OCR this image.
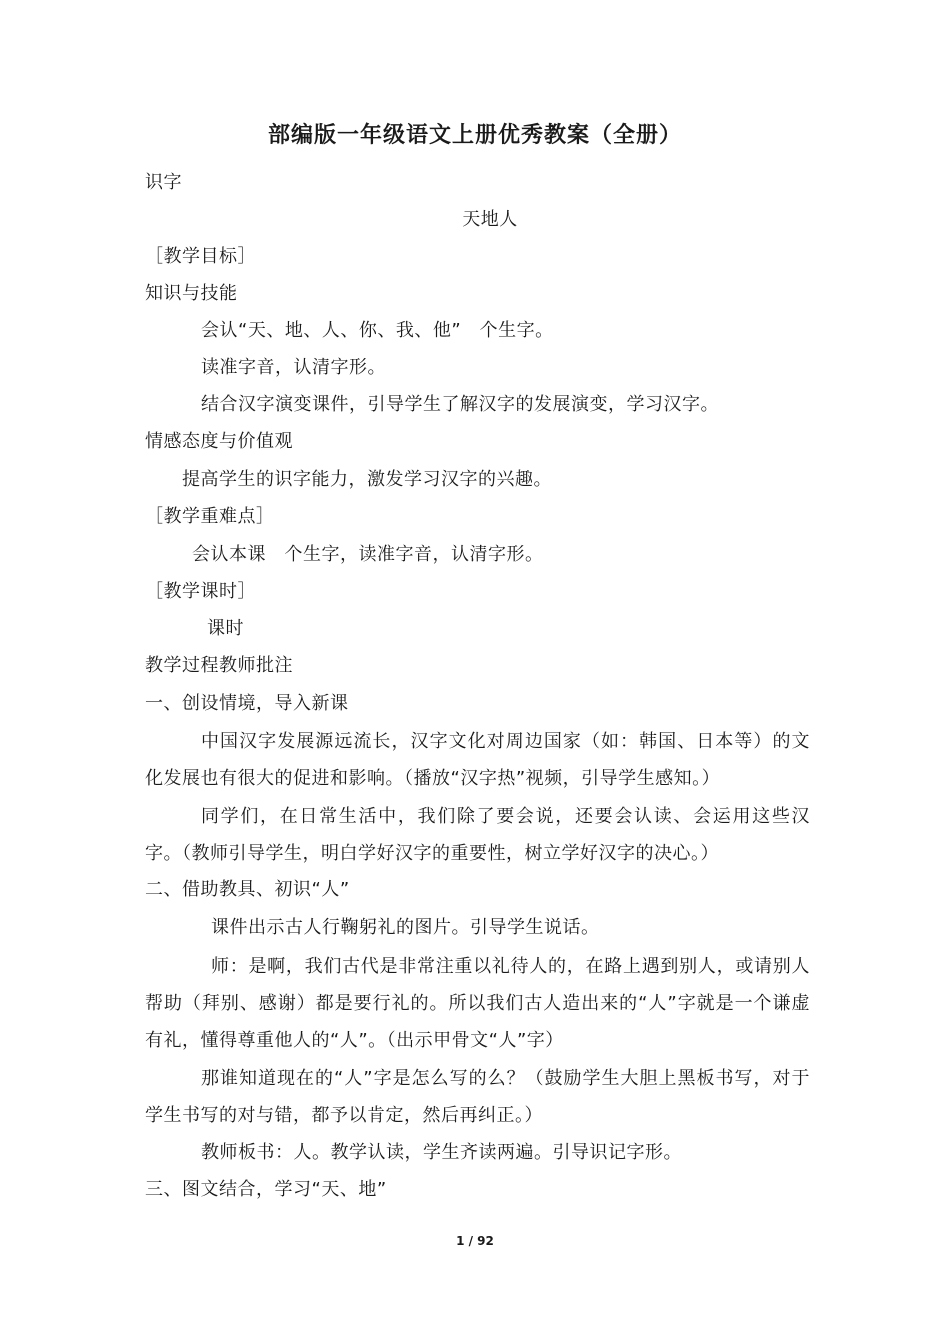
部编版一年级语文上册优秀教案（全册）
识字
天地人
［教学目标］
知识与技能
会认“天、地、人、你、我、他”　个生字。
读准字音，认清字形。
结合汉字演变课件，引导学生了解汉字的发展演变，学习汉字。
情感态度与价值观
提高学生的识字能力，激发学习汉字的兴趣。
［教学重难点］
会认本课　个生字，读准字音，认清字形。
［教学课时］
课时
教学过程教师批注
一、创设情境，导入新课
中国汉字发展源远流长，汉字文化对周边国家（如：韩国、日本等）的文化发展也有很大的促进和影响。（播放“汉字热”视频，引导学生感知。）
同学们，在日常生活中，我们除了要会说，还要会认读、会运用这些汉字。（教师引导学生，明白学好汉字的重要性，树立学好汉字的决心。）
二、借助教具、初识“人”
课件出示古人行鞠躬礼的图片。引导学生说话。
师：是啊，我们古代是非常注重以礼待人的，在路上遇到别人，或请别人帮助（拜别、感谢）都是要行礼的。所以我们古人造出来的“人”字就是一个谦虚有礼，懂得尊重他人的“人”。（出示甲骨文“人”字）
那谁知道现在的“人”字是怎么写的么？（鼓励学生大胆上黑板书写，对于学生书写的对与错，都予以肯定，然后再纠正。）
教师板书：人。教学认读，学生齐读两遍。引导识记字形。
三、图文结合，学习“天、地”
1 / 92
